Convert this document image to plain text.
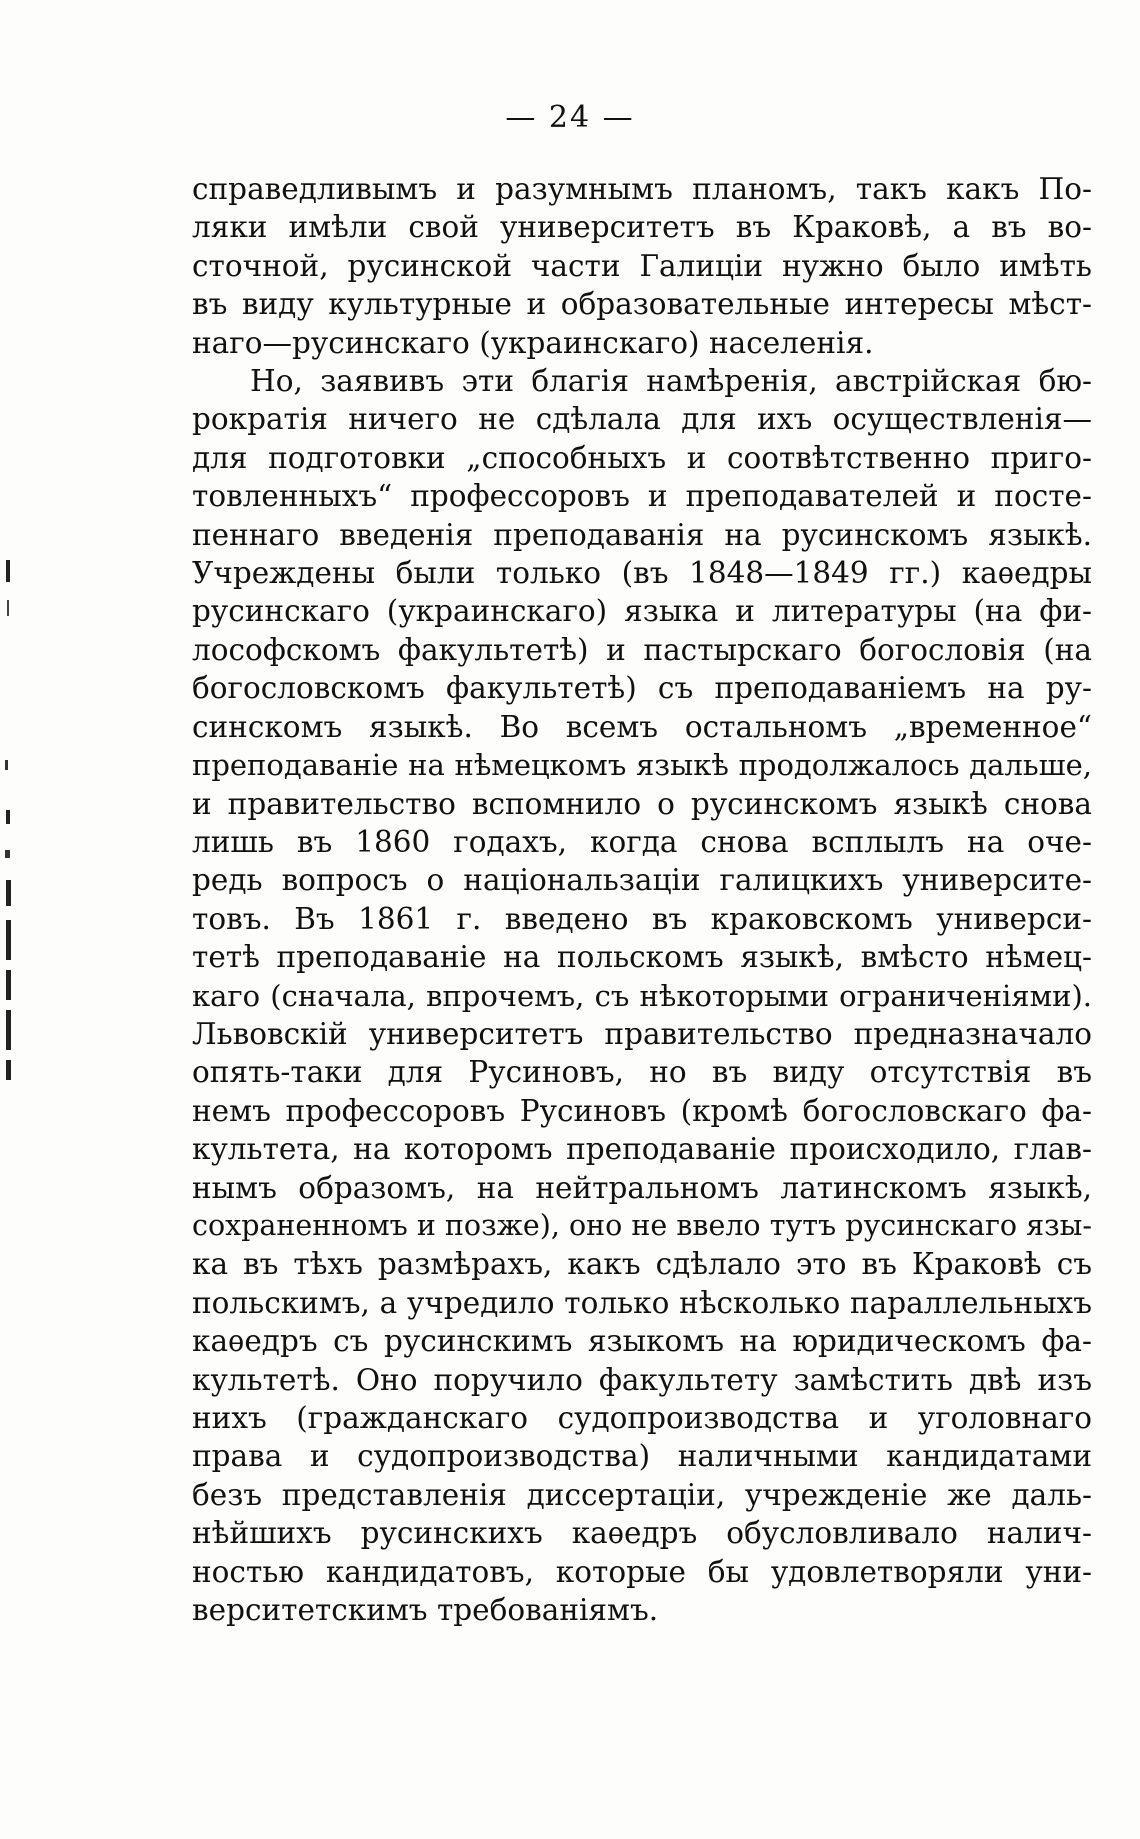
— 24 —
справедливымъ и разумнымъ планомъ, такъ какъ По-
ляки имѣли свой университетъ въ Краковѣ, а въ во-
сточной, русинской части Галиціи нужно было имѣть
въ виду культурные и образовательные интересы мѣст-
наго—русинскаго (украинскаго) населенія.
Но, заявивъ эти благія намѣренія, австрійская бю-
рократія ничего не сдѣлала для ихъ осуществленія—
для подготовки „способныхъ и соотвѣтственно приго-
товленныхъ“ профессоровъ и преподавателей и посте-
пеннаго введенія преподаванія на русинскомъ языкѣ.
Учреждены были только (въ 1848—1849 гг.) каѳедры
русинскаго (украинскаго) языка и литературы (на фи-
лософскомъ факультетѣ) и пастырскаго богословія (на
богословскомъ факультетѣ) съ преподаваніемъ на ру-
синскомъ языкѣ. Во всемъ остальномъ „временное“
преподаваніе на нѣмецкомъ языкѣ продолжалось дальше,
и правительство вспомнило о русинскомъ языкѣ снова
лишь въ 1860 годахъ, когда снова всплылъ на оче-
редь вопросъ о національзаціи галицкихъ университе-
товъ. Въ 1861 г. введено въ краковскомъ универси-
тетѣ преподаваніе на польскомъ языкѣ, вмѣсто нѣмец-
каго (сначала, впрочемъ, съ нѣкоторыми ограниченіями).
Львовскій университетъ правительство предназначало
опять-таки для Русиновъ, но въ виду отсутствія въ
немъ профессоровъ Русиновъ (кромѣ богословскаго фа-
культета, на которомъ преподаваніе происходило, глав-
нымъ образомъ, на нейтральномъ латинскомъ языкѣ,
сохраненномъ и позже), оно не ввело тутъ русинскаго язы-
ка въ тѣхъ размѣрахъ, какъ сдѣлало это въ Краковѣ съ
польскимъ, а учредило только нѣсколько параллельныхъ
каѳедръ съ русинскимъ языкомъ на юридическомъ фа-
культетѣ. Оно поручило факультету замѣстить двѣ изъ
нихъ (гражданскаго судопроизводства и уголовнаго
права и судопроизводства) наличными кандидатами
безъ представленія диссертаціи, учрежденіе же даль-
нѣйшихъ русинскихъ каѳедръ обусловливало налич-
ностью кандидатовъ, которые бы удовлетворяли уни-
верситетскимъ требованіямъ.
